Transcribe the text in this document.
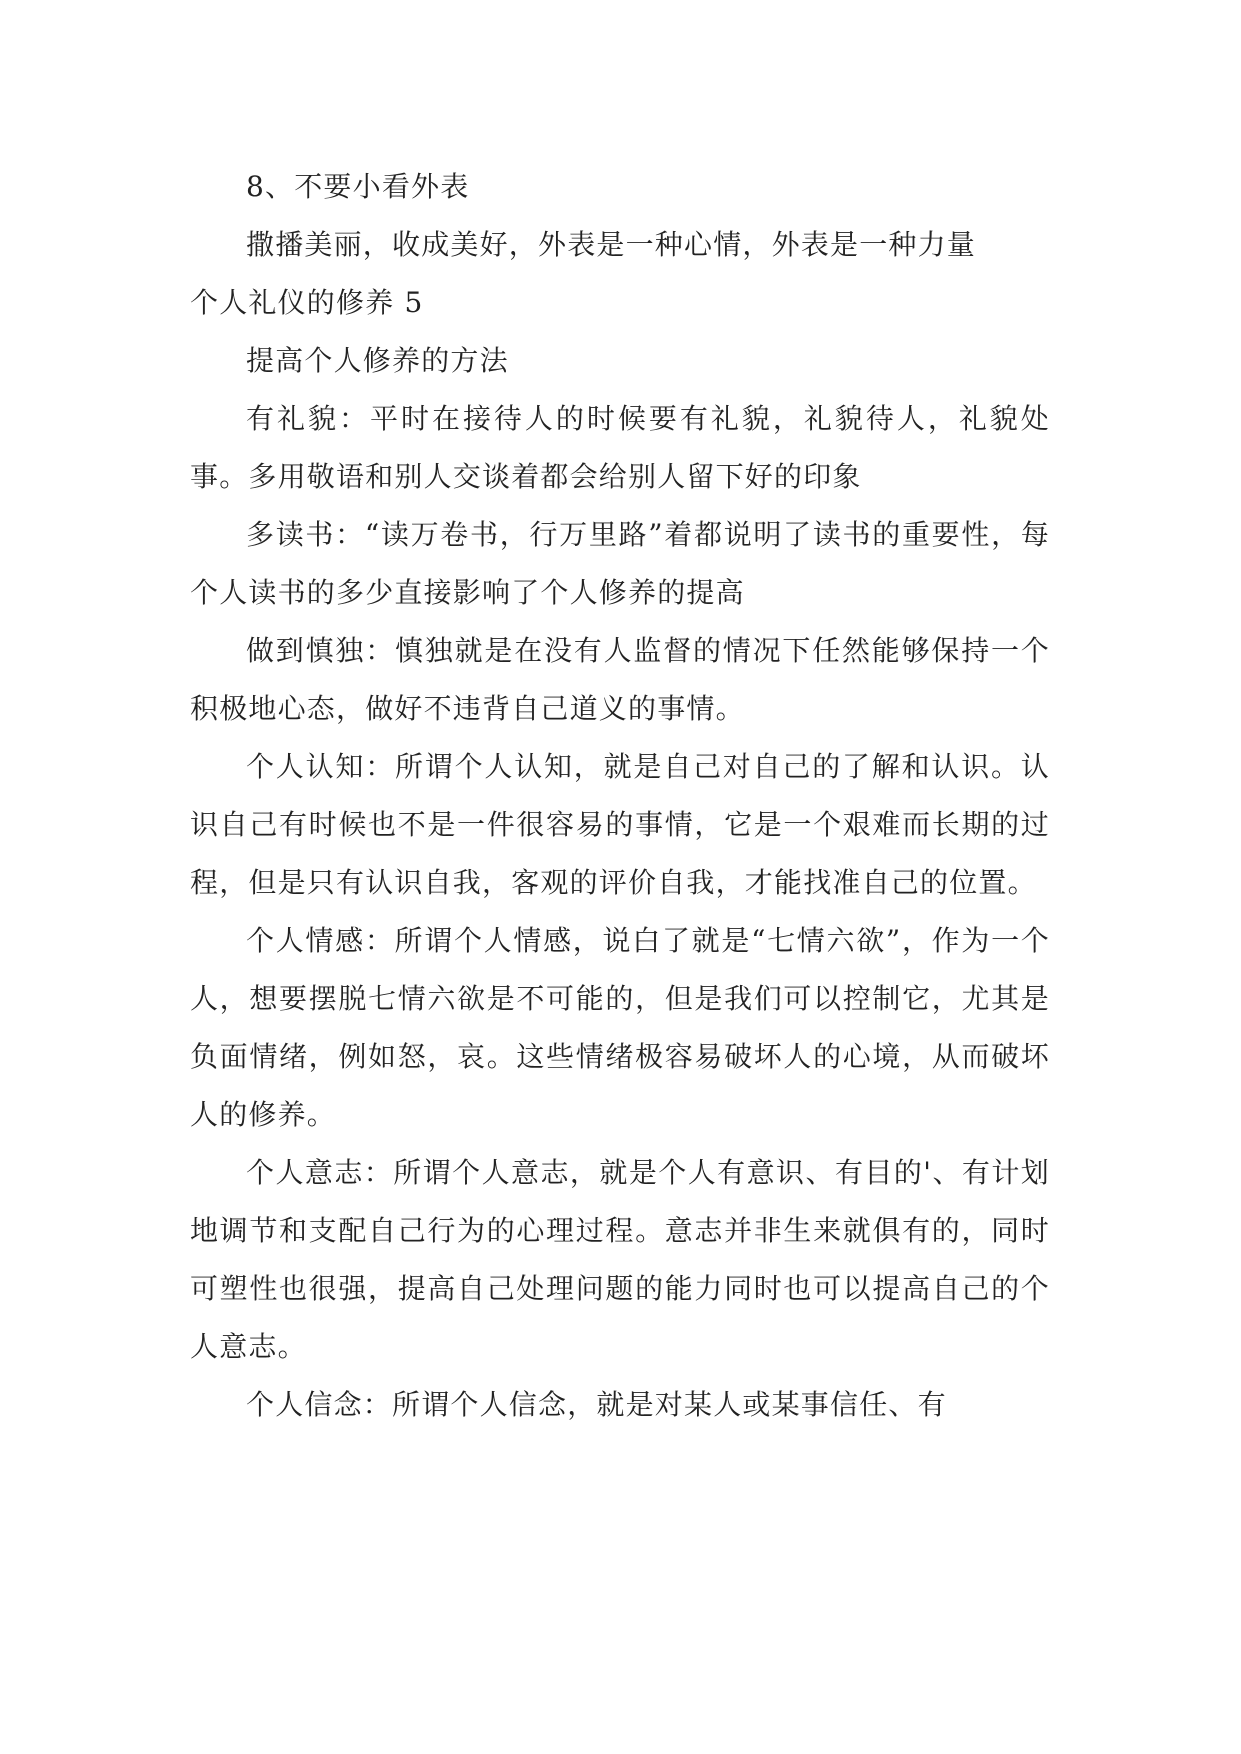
8、不要小看外表

撒播美丽，收成美好，外表是一种心情，外表是一种力量

个人礼仪的修养 5

提高个人修养的方法

有礼貌：平时在接待人的时候要有礼貌，礼貌待人，礼貌处事。多用敬语和别人交谈着都会给别人留下好的印象

多读书：“读万卷书，行万里路”着都说明了读书的重要性，每个人读书的多少直接影响了个人修养的提高

做到慎独：慎独就是在没有人监督的情况下任然能够保持一个积极地心态，做好不违背自己道义的事情。

个人认知：所谓个人认知，就是自己对自己的了解和认识。认识自己有时候也不是一件很容易的事情，它是一个艰难而长期的过程，但是只有认识自我，客观的评价自我，才能找准自己的位置。

个人情感：所谓个人情感，说白了就是“七情六欲”，作为一个人，想要摆脱七情六欲是不可能的，但是我们可以控制它，尤其是负面情绪，例如怒，哀。这些情绪极容易破坏人的心境，从而破坏人的修养。

个人意志：所谓个人意志，就是个人有意识、有目的'、有计划地调节和支配自己行为的心理过程。意志并非生来就俱有的，同时可塑性也很强，提高自己处理问题的能力同时也可以提高自己的个人意志。

个人信念：所谓个人信念，就是对某人或某事信任、有
